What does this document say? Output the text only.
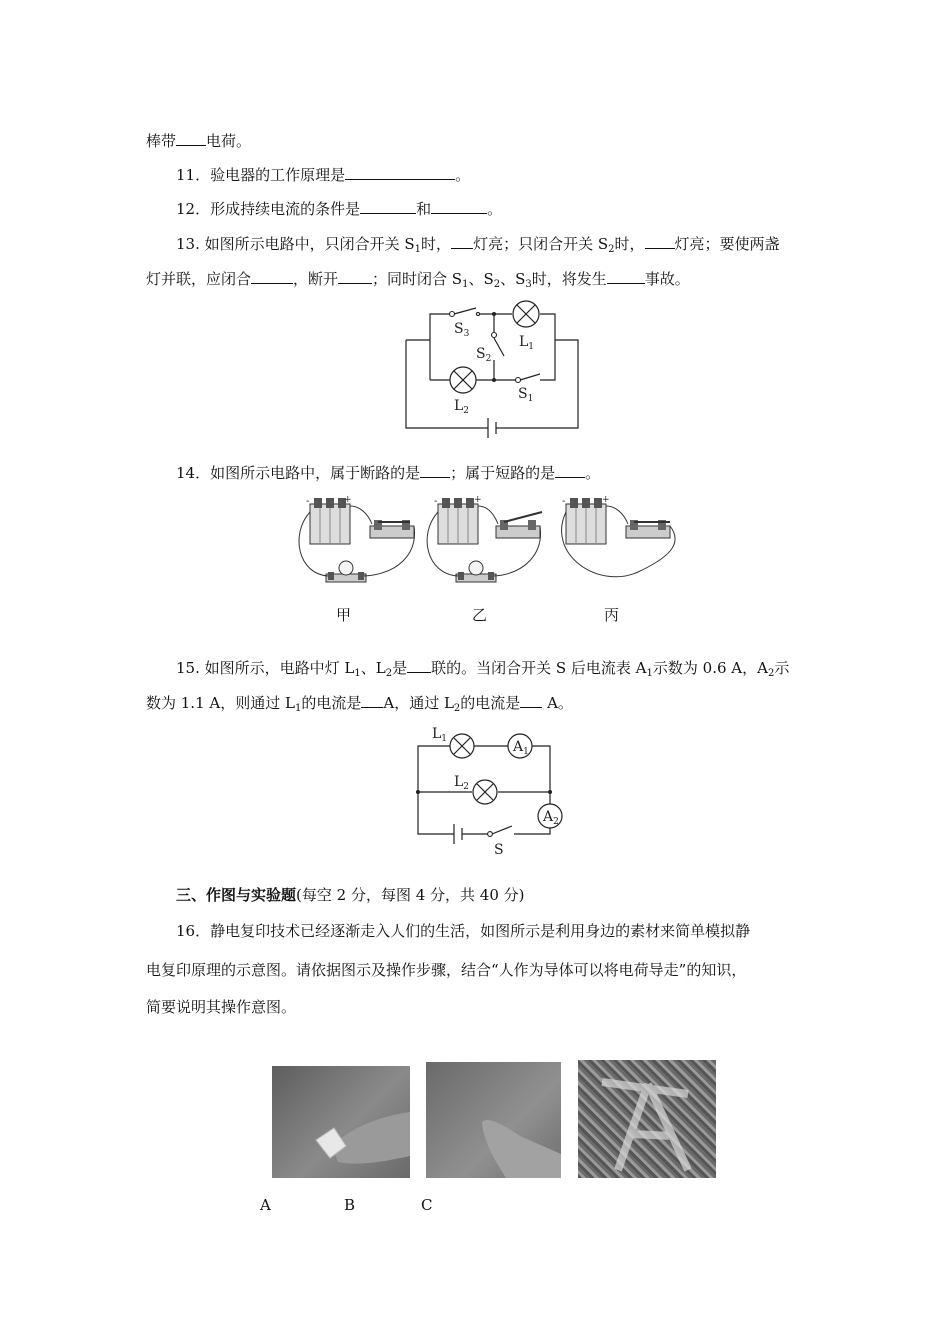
棒带 电荷。
11．验电器的工作原理是	。
12．形成持续电流的条件是	和	。
13. 如图所示电路中，只闭合开关 $S_1$时， 灯亮；只闭合开关 $S_2$时， 灯亮；要使两盏
灯并联，应闭合	，断开 ；同时闭合 $S_1$、$S_2$、$S_3$时，将发生	事故。
$S_3$	$L_1$
$S_2$
$L_2$
$S_1$
14．如图所示电路中，属于断路的是 ；属于短路的是 。
-	+	-	+	-	+
甲	乙	丙
15. 如图所示，电路中灯 $L_1$、$L_2$是 联的。当闭合开关 S 后电流表 $A_1$示数为 0.6 A，$A_2$示
数为 1.1 A，则通过 $L_1$的电流是 A，通过 $L_2$的电流是 A。
$L_1$
$L_2$
$A_1$
$A_2$
S
三、作图与实验题(每空 2 分，每图 4 分，共 40 分)
16．静电复印技术已经逐渐走入人们的生活，如图所示是利用身边的素材来简单模拟静
电复印原理的示意图。请依据图示及操作步骤，结合“人作为导体可以将电荷导走”的知识，
简要说明其操作意图。
A	B	C
